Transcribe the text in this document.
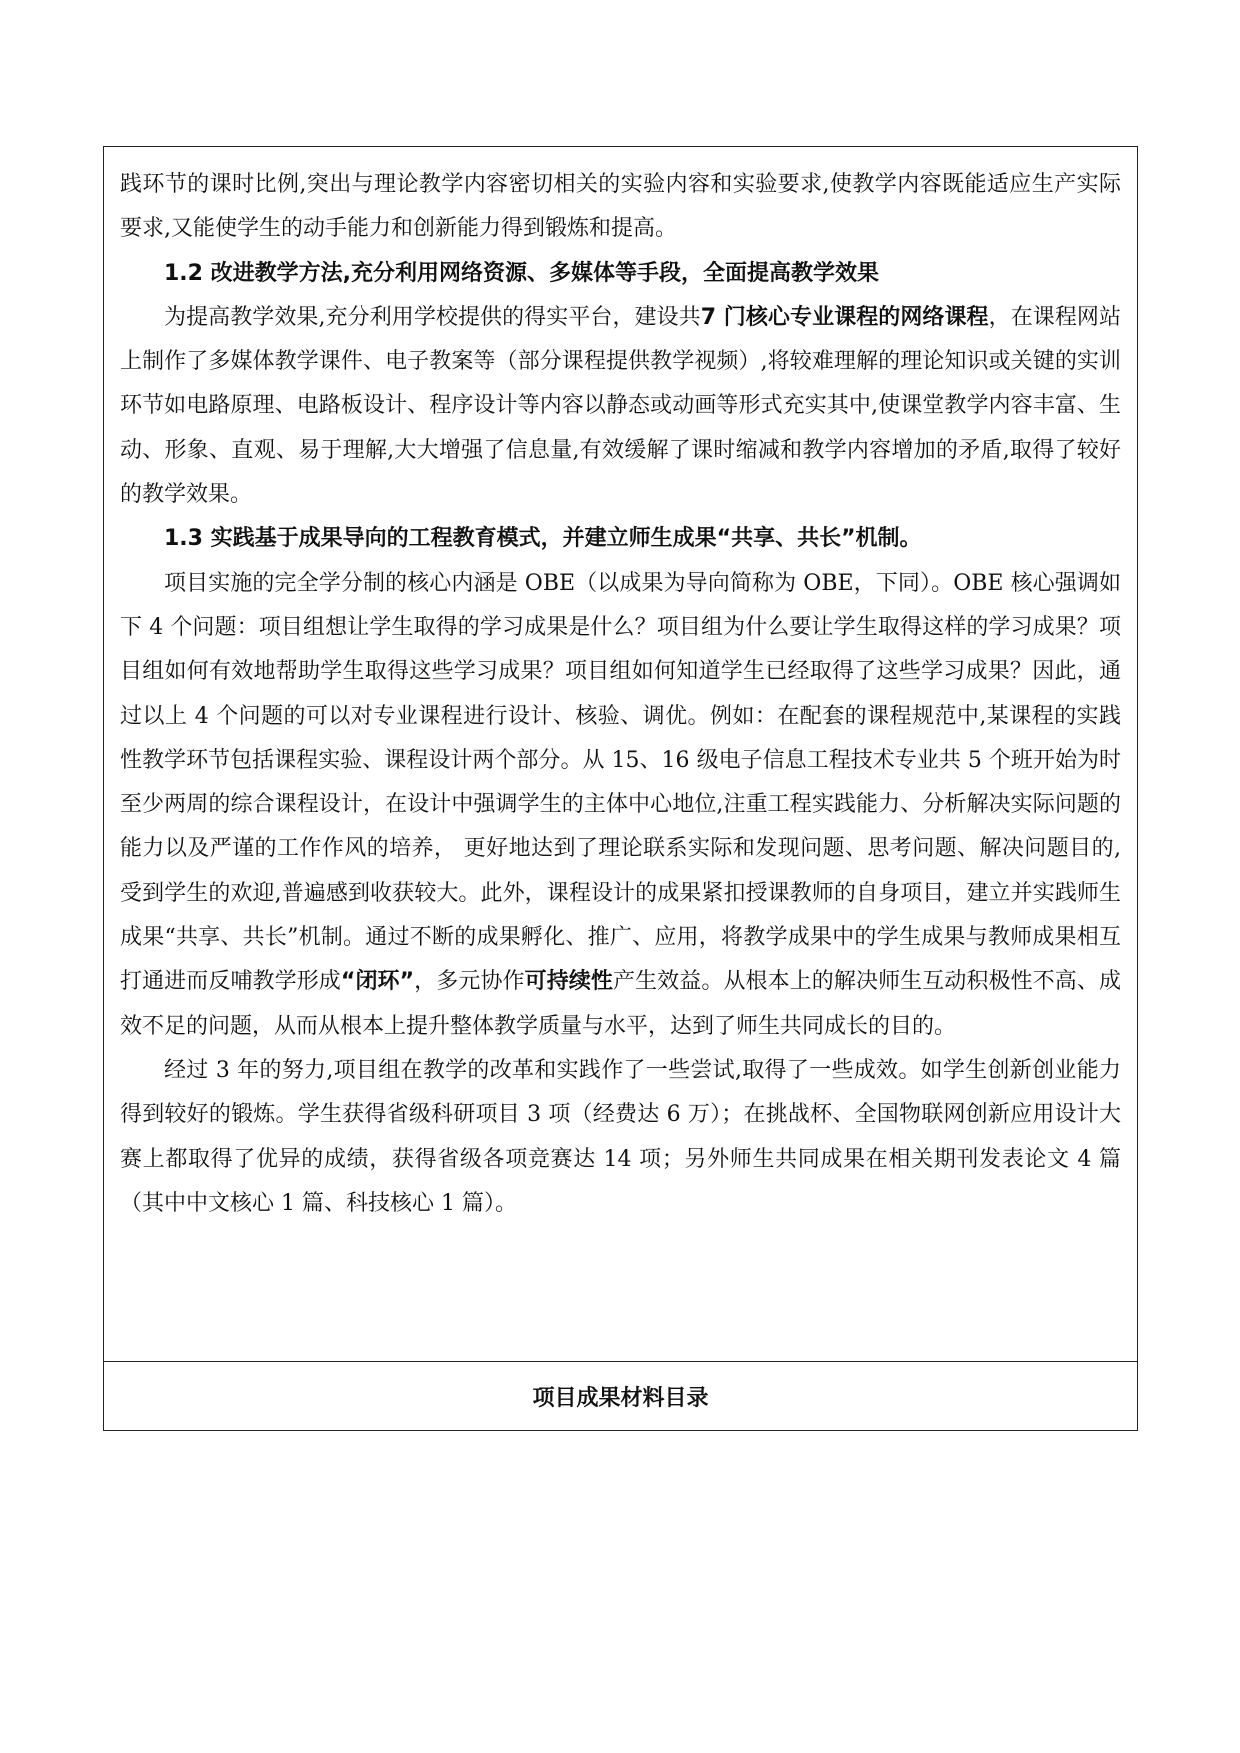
践环节的课时比例,突出与理论教学内容密切相关的实验内容和实验要求,使教学内容既能适应生产实际要求,又能使学生的动手能力和创新能力得到锻炼和提高。

1.2 改进教学方法,充分利用网络资源、多媒体等手段，全面提高教学效果

为提高教学效果,充分利用学校提供的得实平台，建设共7 门核心专业课程的网络课程，在课程网站上制作了多媒体教学课件、电子教案等（部分课程提供教学视频）,将较难理解的理论知识或关键的实训环节如电路原理、电路板设计、程序设计等内容以静态或动画等形式充实其中,使课堂教学内容丰富、生动、形象、直观、易于理解,大大增强了信息量,有效缓解了课时缩减和教学内容增加的矛盾,取得了较好的教学效果。

1.3 实践基于成果导向的工程教育模式，并建立师生成果“共享、共长”机制。

项目实施的完全学分制的核心内涵是 OBE（以成果为导向简称为 OBE，下同）。OBE 核心强调如下 4 个问题：项目组想让学生取得的学习成果是什么？项目组为什么要让学生取得这样的学习成果？项目组如何有效地帮助学生取得这些学习成果？项目组如何知道学生已经取得了这些学习成果？因此，通过以上 4 个问题的可以对专业课程进行设计、核验、调优。例如：在配套的课程规范中,某课程的实践性教学环节包括课程实验、课程设计两个部分。从 15、16 级电子信息工程技术专业共 5 个班开始为时至少两周的综合课程设计，在设计中强调学生的主体中心地位,注重工程实践能力、分析解决实际问题的能力以及严谨的工作作风的培养， 更好地达到了理论联系实际和发现问题、思考问题、解决问题目的,受到学生的欢迎,普遍感到收获较大。此外，课程设计的成果紧扣授课教师的自身项目，建立并实践师生成果“共享、共长”机制。通过不断的成果孵化、推广、应用，将教学成果中的学生成果与教师成果相互打通进而反哺教学形成“闭环”，多元协作可持续性产生效益。从根本上的解决师生互动积极性不高、成效不足的问题，从而从根本上提升整体教学质量与水平，达到了师生共同成长的目的。

经过 3 年的努力,项目组在教学的改革和实践作了一些尝试,取得了一些成效。如学生创新创业能力得到较好的锻炼。学生获得省级科研项目 3 项（经费达 6 万）；在挑战杯、全国物联网创新应用设计大赛上都取得了优异的成绩，获得省级各项竞赛达 14 项；另外师生共同成果在相关期刊发表论文 4 篇（其中中文核心 1 篇、科技核心 1 篇）。

项目成果材料目录
